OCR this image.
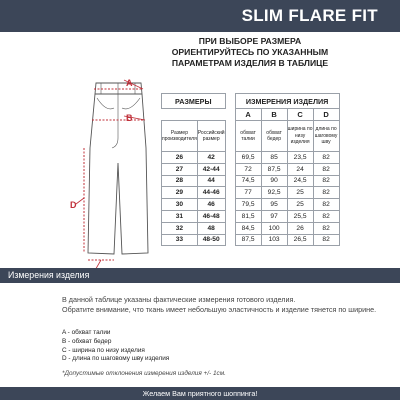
SLIM FLARE FIT
ПРИ ВЫБОРЕ РАЗМЕРА
ОРИЕНТИРУЙТЕСЬ ПО УКАЗАННЫМ
ПАРАМЕТРАМ ИЗДЕЛИЯ В ТАБЛИЦЕ
A
B
D
РАЗМЕРЫ			ИЗМЕРЕНИЯ ИЗДЕЛИЯ			
			A	B	C	D
Размер производителя	Российский размер		обхват талии	обхват бедер	ширина по низу изделия	длина по шаговому шву
26	42		69,5	85	23,5	82
27	42-44		72	87,5	24	82
28	44		74,5	90	24,5	82
29	44-46		77	92,5	25	82
30	46		79,5	95	25	82
31	46-48		81,5	97	25,5	82
32	48		84,5	100	26	82
33	48-50		87,5	103	26,5	82
Измерения изделия
В данной таблице указаны фактические измерения готового изделия.
Обратите внимание, что ткань имеет небольшую эластичность и изделие тянется по ширине.
A - обхват талии
B - обхват бедер
C - ширина по низу изделия
D - длина по шаговому шву изделия
*Допустимые отклонения измерения изделия +/- 1см.
Желаем Вам приятного шоппинга!
